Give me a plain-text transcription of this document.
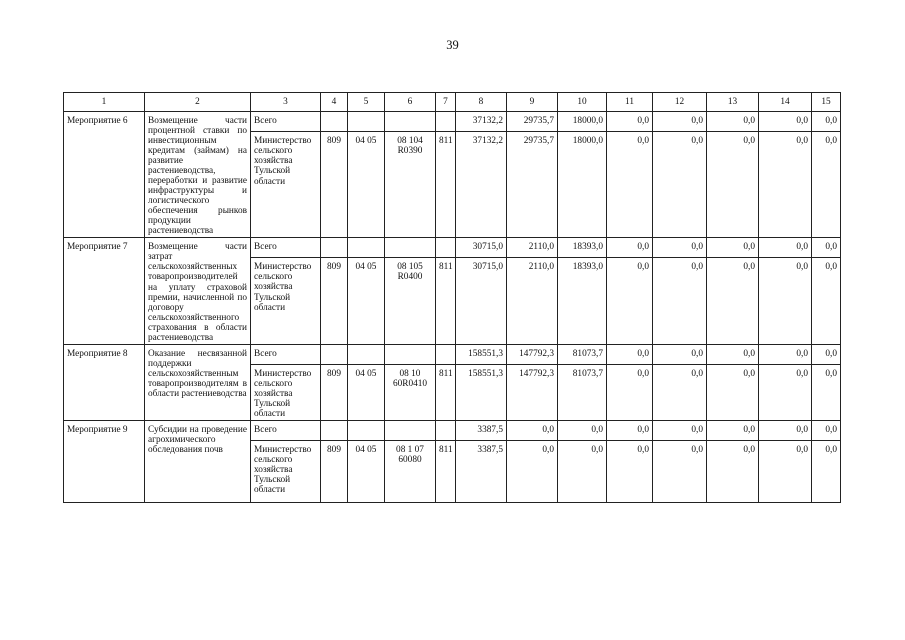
39
1	2	3	4	5	6	7	8	9	10	11	12	13	14	15
Мероприятие 6	Возмещение части процентной ставки по инвестиционным кредитам (займам) на развитие растениеводства, переработки и развитие инфраструктуры и логистического обеспечения рынков продукции растениеводства	Всего					37132,2	29735,7	18000,0	0,0	0,0	0,0	0,0	0,0
		Министерство сельского хозяйства Тульской области	809	04 05	08 104 R0390	811	37132,2	29735,7	18000,0	0,0	0,0	0,0	0,0	0,0
Мероприятие 7	Возмещение части затрат сельскохозяйственных товаропроизводителей на уплату страховой премии, начисленной по договору сельскохозяйственного страхования в области растениеводства	Всего					30715,0	2110,0	18393,0	0,0	0,0	0,0	0,0	0,0
		Министерство сельского хозяйства Тульской области	809	04 05	08 105 R0400	811	30715,0	2110,0	18393,0	0,0	0,0	0,0	0,0	0,0
Мероприятие 8	Оказание несвязанной поддержки сельскохозяйственным товаропроизводителям в области растениеводства	Всего					158551,3	147792,3	81073,7	0,0	0,0	0,0	0,0	0,0
		Министерство сельского хозяйства Тульской области	809	04 05	08 10 60R0410	811	158551,3	147792,3	81073,7	0,0	0,0	0,0	0,0	0,0
Мероприятие 9	Субсидии на проведение агрохимического обследования почв	Всего					3387,5	0,0	0,0	0,0	0,0	0,0	0,0	0,0
		Министерство сельского хозяйства Тульской области	809	04 05	08 1 07 60080	811	3387,5	0,0	0,0	0,0	0,0	0,0	0,0	0,0
